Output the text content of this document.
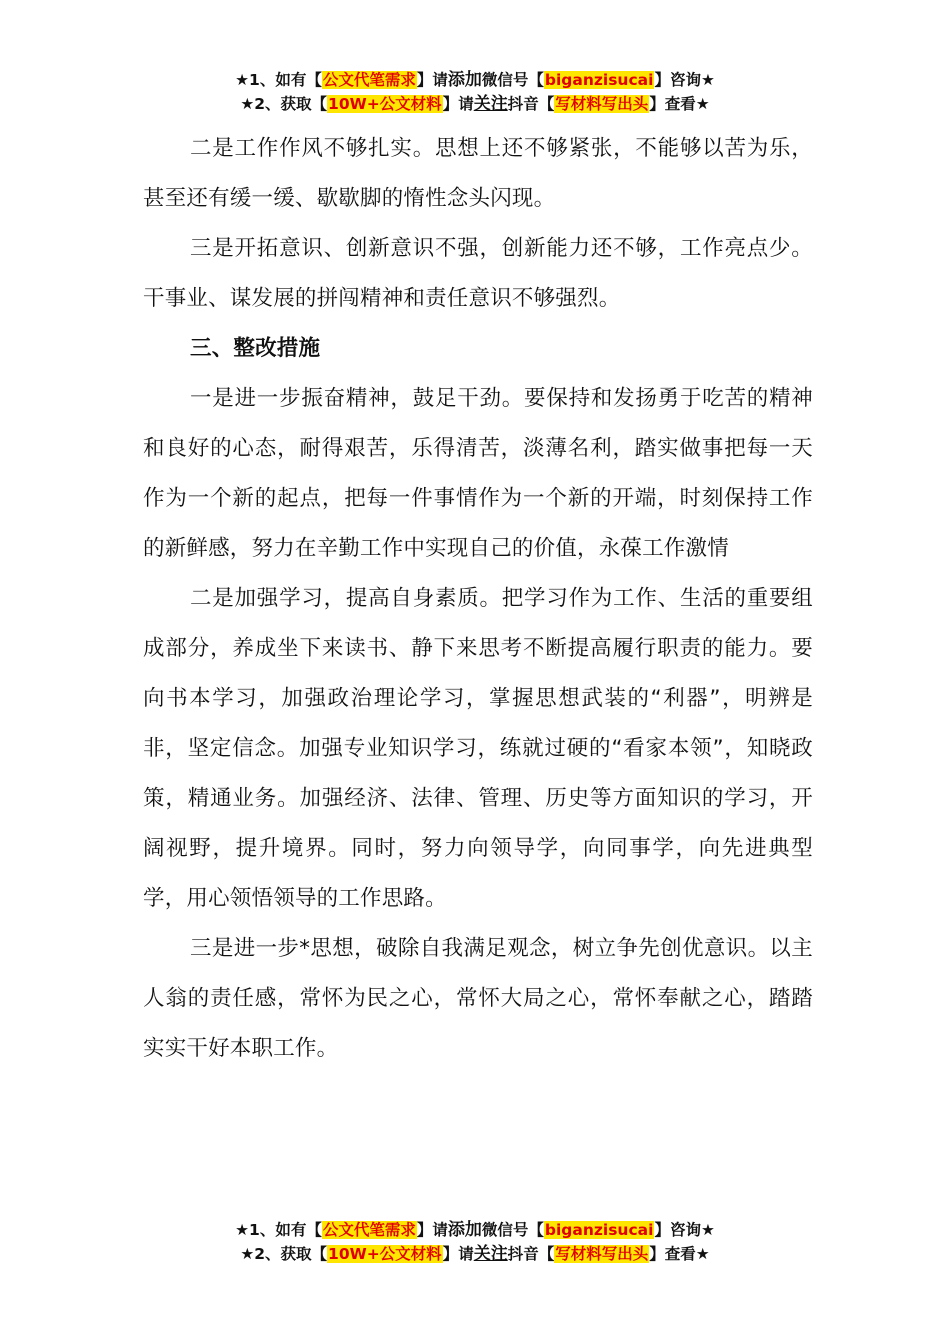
★1、如有【公文代笔需求】请添加微信号【biganzisucai】咨询★
★2、获取【10W+公文材料】请关注抖音【写材料写出头】查看★

二是工作作风不够扎实。思想上还不够紧张，不能够以苦为乐，甚至还有缓一缓、歇歇脚的惰性念头闪现。

三是开拓意识、创新意识不强，创新能力还不够，工作亮点少。干事业、谋发展的拼闯精神和责任意识不够强烈。

三、整改措施

一是进一步振奋精神，鼓足干劲。要保持和发扬勇于吃苦的精神和良好的心态，耐得艰苦，乐得清苦，淡薄名利，踏实做事把每一天作为一个新的起点，把每一件事情作为一个新的开端，时刻保持工作的新鲜感，努力在辛勤工作中实现自己的价值，永葆工作激情

二是加强学习，提高自身素质。把学习作为工作、生活的重要组成部分，养成坐下来读书、静下来思考不断提高履行职责的能力。要向书本学习，加强政治理论学习，掌握思想武装的“利器”，明辨是非，坚定信念。加强专业知识学习，练就过硬的“看家本领”，知晓政策，精通业务。加强经济、法律、管理、历史等方面知识的学习，开阔视野，提升境界。同时，努力向领导学，向同事学，向先进典型学，用心领悟领导的工作思路。

三是进一步*思想，破除自我满足观念，树立争先创优意识。以主人翁的责任感，常怀为民之心，常怀大局之心，常怀奉献之心，踏踏实实干好本职工作。

★1、如有【公文代笔需求】请添加微信号【biganzisucai】咨询★
★2、获取【10W+公文材料】请关注抖音【写材料写出头】查看★
